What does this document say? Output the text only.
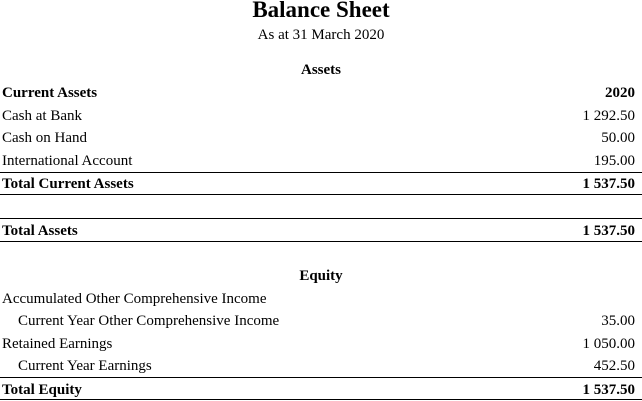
Balance Sheet
As at 31 March 2020
Assets
Current Assets	2020
Cash at Bank	1 292.50
Cash on Hand	50.00
International Account	195.00
Total Current Assets	1 537.50
Total Assets	1 537.50
Equity
Accumulated Other Comprehensive Income
Current Year Other Comprehensive Income	35.00
Retained Earnings	1 050.00
Current Year Earnings	452.50
Total Equity	1 537.50
